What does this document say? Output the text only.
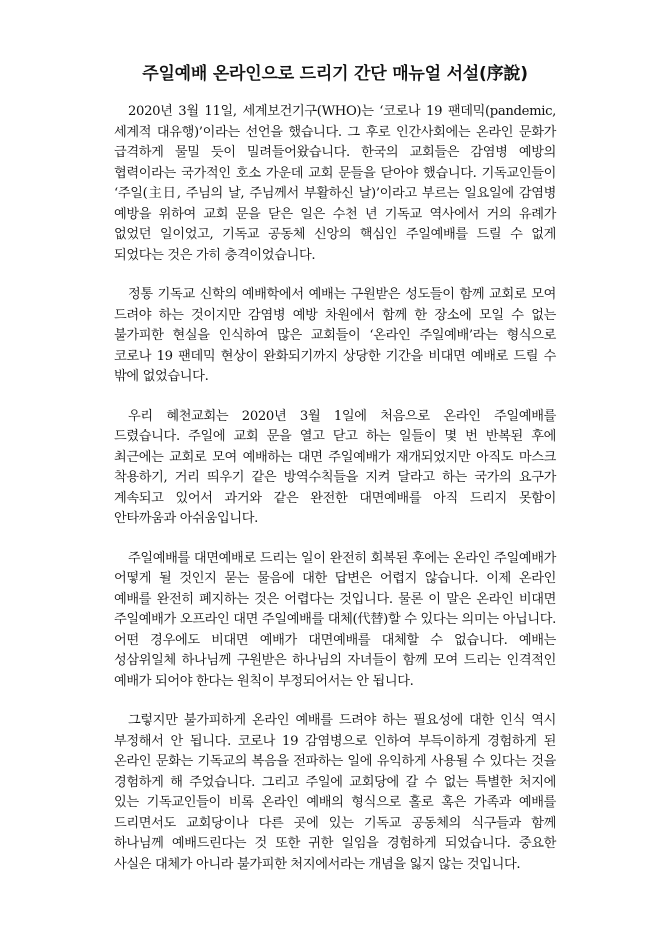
주일예배 온라인으로 드리기 간단 매뉴얼 서설(序說)

2020년 3월 11일, 세계보건기구(WHO)는 ‘코로나 19 팬데믹(pandemic, 세계적 대유행)’이라는 선언을 했습니다. 그 후로 인간사회에는 온라인 문화가 급격하게 물밀 듯이 밀려들어왔습니다. 한국의 교회들은 감염병 예방의 협력이라는 국가적인 호소 가운데 교회 문들을 닫아야 했습니다. 기독교인들이 ‘주일(主日, 주님의 날, 주님께서 부활하신 날)’이라고 부르는 일요일에 감염병 예방을 위하여 교회 문을 닫은 일은 수천 년 기독교 역사에서 거의 유례가 없었던 일이었고, 기독교 공동체 신앙의 핵심인 주일예배를 드릴 수 없게 되었다는 것은 가히 충격이었습니다.

정통 기독교 신학의 예배학에서 예배는 구원받은 성도들이 함께 교회로 모여 드려야 하는 것이지만 감염병 예방 차원에서 함께 한 장소에 모일 수 없는 불가피한 현실을 인식하여 많은 교회들이 ‘온라인 주일예배’라는 형식으로 코로나 19 팬데믹 현상이 완화되기까지 상당한 기간을 비대면 예배로 드릴 수 밖에 없었습니다.

우리 혜천교회는 2020년 3월 1일에 처음으로 온라인 주일예배를 드렸습니다. 주일에 교회 문을 열고 닫고 하는 일들이 몇 번 반복된 후에 최근에는 교회로 모여 예배하는 대면 주일예배가 재개되었지만 아직도 마스크 착용하기, 거리 띄우기 같은 방역수칙들을 지켜 달라고 하는 국가의 요구가 계속되고 있어서 과거와 같은 완전한 대면예배를 아직 드리지 못함이 안타까움과 아쉬움입니다.

주일예배를 대면예배로 드리는 일이 완전히 회복된 후에는 온라인 주일예배가 어떻게 될 것인지 묻는 물음에 대한 답변은 어렵지 않습니다. 이제 온라인 예배를 완전히 폐지하는 것은 어렵다는 것입니다. 물론 이 말은 온라인 비대면 주일예배가 오프라인 대면 주일예배를 대체(代替)할 수 있다는 의미는 아닙니다. 어떤 경우에도 비대면 예배가 대면예배를 대체할 수 없습니다. 예배는 성삼위일체 하나님께 구원받은 하나님의 자녀들이 함께 모여 드리는 인격적인 예배가 되어야 한다는 원칙이 부정되어서는 안 됩니다.

그렇지만 불가피하게 온라인 예배를 드려야 하는 필요성에 대한 인식 역시 부정해서 안 됩니다. 코로나 19 감염병으로 인하여 부득이하게 경험하게 된 온라인 문화는 기독교의 복음을 전파하는 일에 유익하게 사용될 수 있다는 것을 경험하게 해 주었습니다. 그리고 주일에 교회당에 갈 수 없는 특별한 처지에 있는 기독교인들이 비록 온라인 예배의 형식으로 홀로 혹은 가족과 예배를 드리면서도 교회당이나 다른 곳에 있는 기독교 공동체의 식구들과 함께 하나님께 예배드린다는 것 또한 귀한 일임을 경험하게 되었습니다. 중요한 사실은 대체가 아니라 불가피한 처지에서라는 개념을 잃지 않는 것입니다.
